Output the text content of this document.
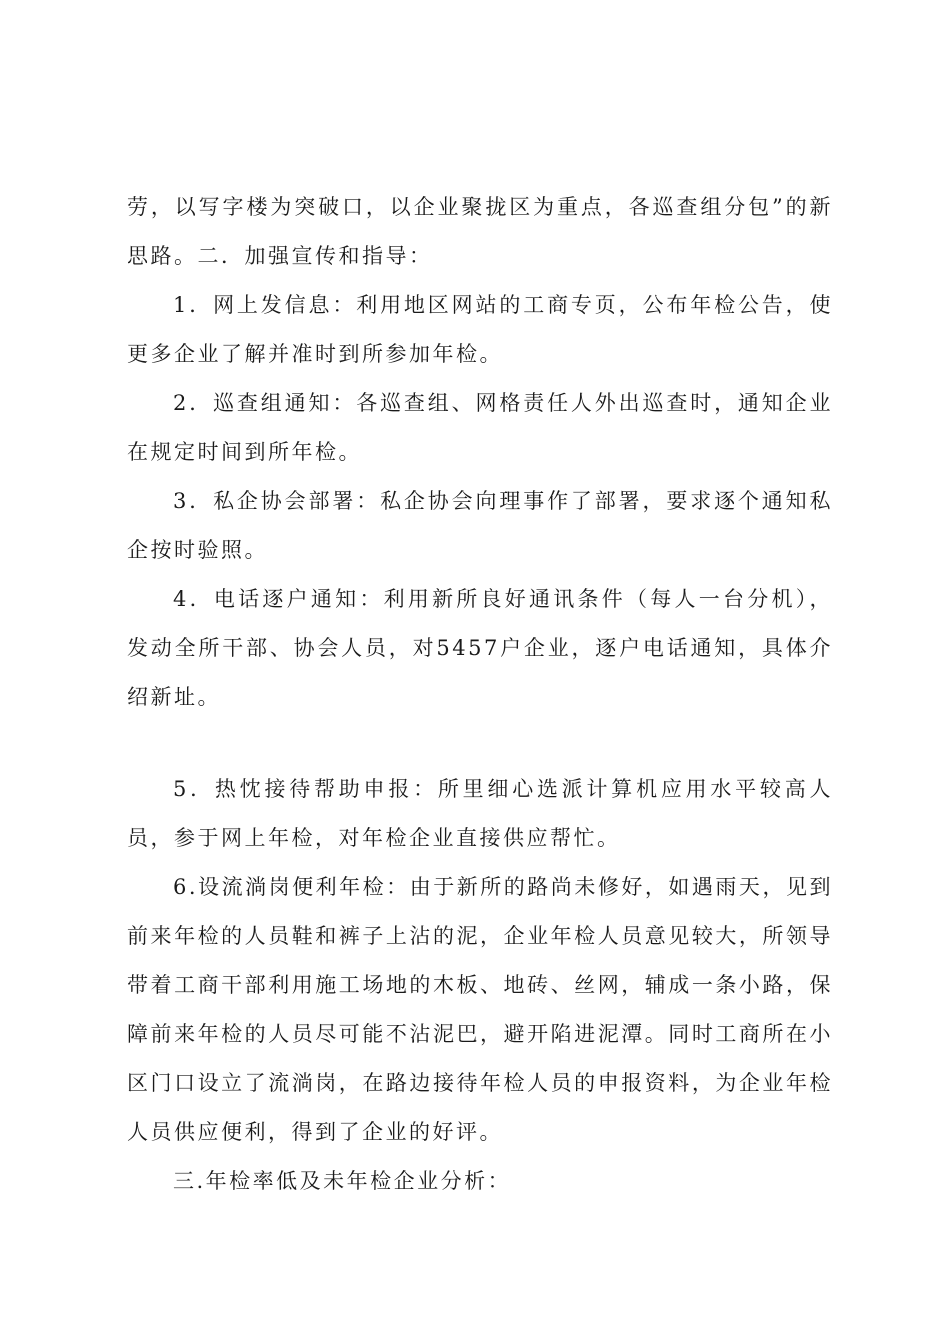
劳，以写字楼为突破口，以企业聚拢区为重点，各巡查组分包”的新思路。二．加强宣传和指导：

1．网上发信息：利用地区网站的工商专页，公布年检公告，使更多企业了解并准时到所参加年检。

2．巡查组通知：各巡查组、网格责任人外出巡查时，通知企业在规定时间到所年检。

3．私企协会部署：私企协会向理事作了部署，要求逐个通知私企按时验照。

4．电话逐户通知：利用新所良好通讯条件（每人一台分机），发动全所干部、协会人员，对5457户企业，逐户电话通知，具体介绍新址。

5．热忱接待帮助申报：所里细心选派计算机应用水平较高人员，参于网上年检，对年检企业直接供应帮忙。

6.设流淌岗便利年检：由于新所的路尚未修好，如遇雨天，见到前来年检的人员鞋和裤子上沾的泥，企业年检人员意见较大，所领导带着工商干部利用施工场地的木板、地砖、丝网，辅成一条小路，保障前来年检的人员尽可能不沾泥巴，避开陷进泥潭。同时工商所在小区门口设立了流淌岗，在路边接待年检人员的申报资料，为企业年检人员供应便利，得到了企业的好评。

三.年检率低及未年检企业分析：
